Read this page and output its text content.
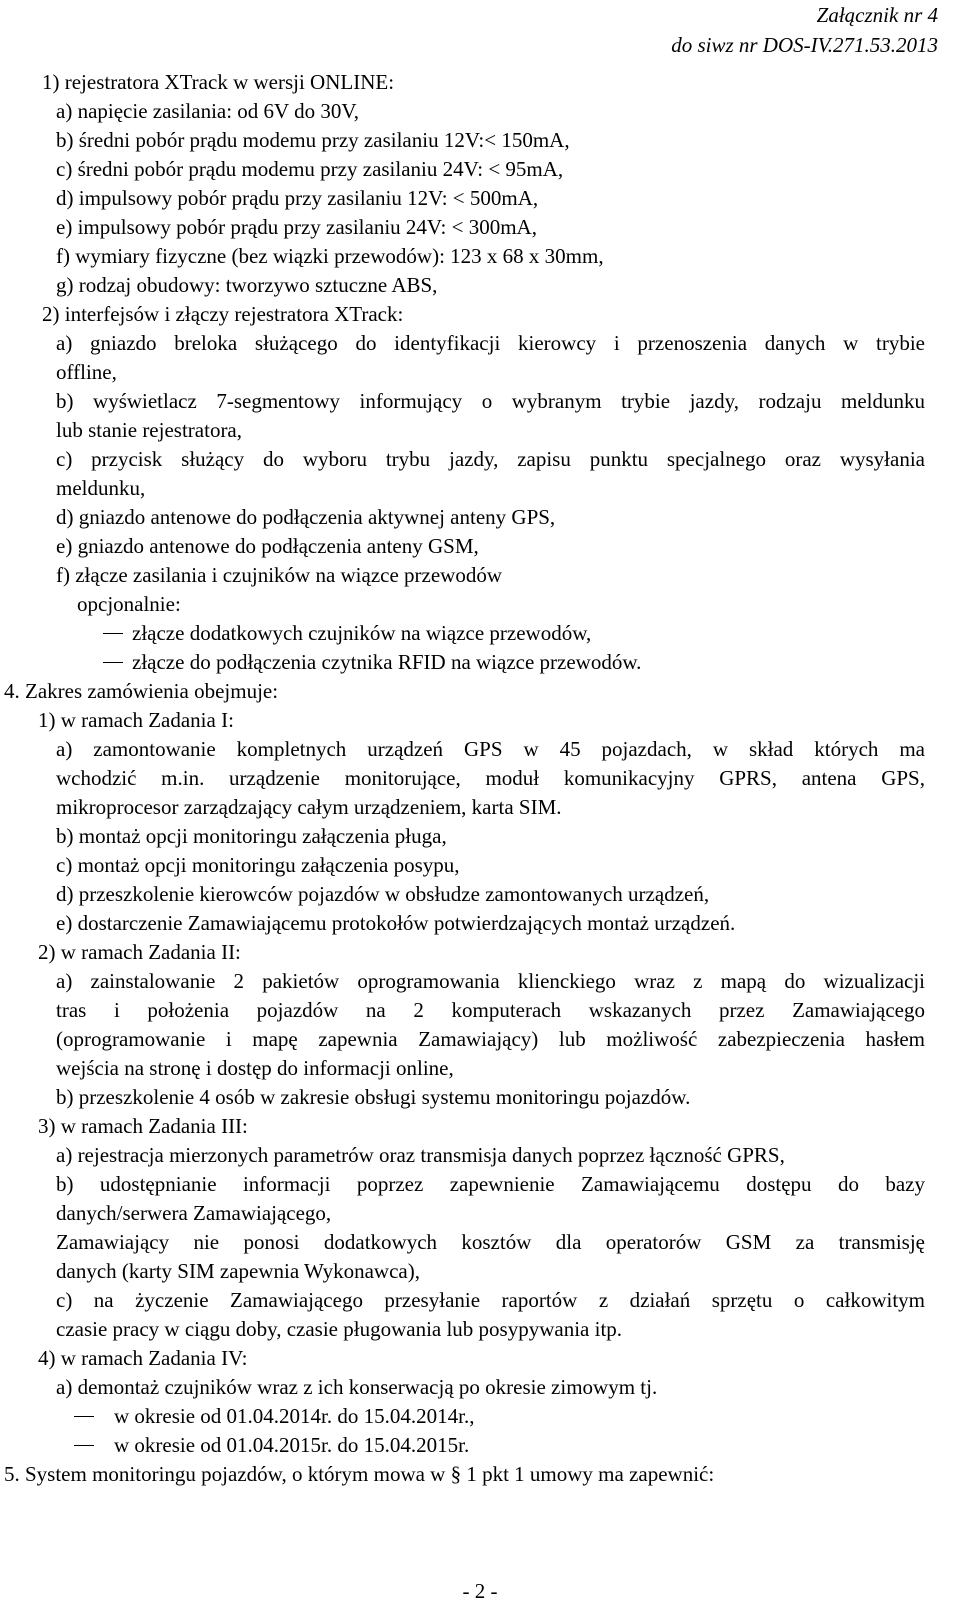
Załącznik nr 4
do siwz nr DOS-IV.271.53.2013
1) rejestratora XTrack w wersji ONLINE:
a) napięcie zasilania: od 6V do 30V,
b) średni pobór prądu modemu przy zasilaniu 12V:< 150mA,
c) średni pobór prądu modemu przy zasilaniu 24V: < 95mA,
d) impulsowy pobór prądu przy zasilaniu 12V: < 500mA,
e) impulsowy pobór prądu przy zasilaniu 24V: < 300mA,
f) wymiary fizyczne (bez wiązki przewodów): 123 x 68 x 30mm,
g) rodzaj obudowy: tworzywo sztuczne ABS,
2) interfejsów i złączy rejestratora XTrack:
a) gniazdo breloka służącego do identyfikacji kierowcy i przenoszenia danych w trybie
offline,
b) wyświetlacz 7-segmentowy informujący o wybranym trybie jazdy, rodzaju meldunku
lub stanie rejestratora,
c) przycisk służący do wyboru trybu jazdy, zapisu punktu specjalnego oraz wysyłania
meldunku,
d) gniazdo antenowe do podłączenia aktywnej anteny GPS,
e) gniazdo antenowe do podłączenia anteny GSM,
f) złącze zasilania i czujników na wiązce przewodów
opcjonalnie:
złącze dodatkowych czujników na wiązce przewodów,
złącze do podłączenia czytnika RFID na wiązce przewodów.
4. Zakres zamówienia obejmuje:
1) w ramach Zadania I:
a) zamontowanie kompletnych urządzeń GPS w 45 pojazdach, w skład których ma
wchodzić m.in. urządzenie monitorujące, moduł komunikacyjny GPRS, antena GPS,
mikroprocesor zarządzający całym urządzeniem, karta SIM.
b) montaż opcji monitoringu załączenia pługa,
c) montaż opcji monitoringu załączenia posypu,
d) przeszkolenie kierowców pojazdów w obsłudze zamontowanych urządzeń,
e) dostarczenie Zamawiającemu protokołów potwierdzających montaż urządzeń.
2) w ramach Zadania II:
a) zainstalowanie 2 pakietów oprogramowania klienckiego wraz z mapą do wizualizacji
tras i położenia pojazdów na 2 komputerach wskazanych przez Zamawiającego
(oprogramowanie i mapę zapewnia Zamawiający) lub możliwość zabezpieczenia hasłem
wejścia na stronę i dostęp do informacji online,
b) przeszkolenie 4 osób w zakresie obsługi systemu monitoringu pojazdów.
3) w ramach Zadania III:
a) rejestracja mierzonych parametrów oraz transmisja danych poprzez łączność GPRS,
b) udostępnianie informacji poprzez zapewnienie Zamawiającemu dostępu do bazy
danych/serwera Zamawiającego,
Zamawiający nie ponosi dodatkowych kosztów dla operatorów GSM za transmisję
danych (karty SIM zapewnia Wykonawca),
c) na życzenie Zamawiającego przesyłanie raportów z działań sprzętu o całkowitym
czasie pracy w ciągu doby, czasie pługowania lub posypywania itp.
4) w ramach Zadania IV:
a) demontaż czujników wraz z ich konserwacją po okresie zimowym tj.
w okresie od 01.04.2014r. do 15.04.2014r.,
w okresie od 01.04.2015r. do 15.04.2015r.
5. System monitoringu pojazdów, o którym mowa w § 1 pkt 1 umowy ma zapewnić:
- 2 -
